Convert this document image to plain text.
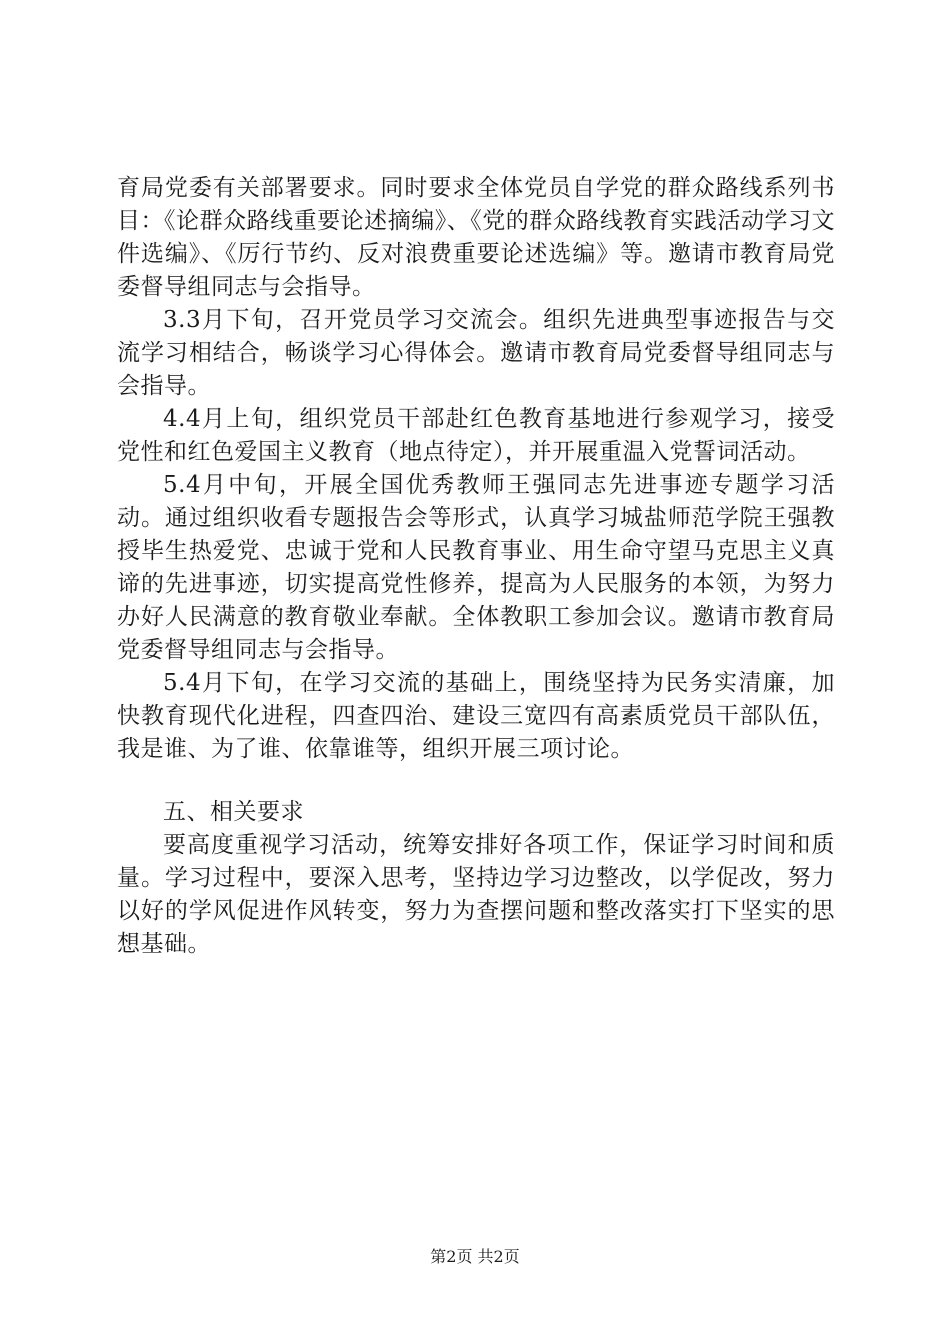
育局党委有关部署要求。同时要求全体党员自学党的群众路线系列书目：《论群众路线重要论述摘编》、《党的群众路线教育实践活动学习文件选编》、《厉行节约、反对浪费重要论述选编》等。邀请市教育局党委督导组同志与会指导。

3.3月下旬，召开党员学习交流会。组织先进典型事迹报告与交流学习相结合，畅谈学习心得体会。邀请市教育局党委督导组同志与会指导。

4.4月上旬，组织党员干部赴红色教育基地进行参观学习，接受党性和红色爱国主义教育（地点待定），并开展重温入党誓词活动。

5.4月中旬，开展全国优秀教师王强同志先进事迹专题学习活动。通过组织收看专题报告会等形式，认真学习城盐师范学院王强教授毕生热爱党、忠诚于党和人民教育事业、用生命守望马克思主义真谛的先进事迹，切实提高党性修养，提高为人民服务的本领，为努力办好人民满意的教育敬业奉献。全体教职工参加会议。邀请市教育局党委督导组同志与会指导。

5.4月下旬，在学习交流的基础上，围绕坚持为民务实清廉，加快教育现代化进程，四查四治、建设三宽四有高素质党员干部队伍，我是谁、为了谁、依靠谁等，组织开展三项讨论。

五、相关要求

要高度重视学习活动，统筹安排好各项工作，保证学习时间和质量。学习过程中，要深入思考，坚持边学习边整改，以学促改，努力以好的学风促进作风转变，努力为查摆问题和整改落实打下坚实的思想基础。

第2页 共2页
